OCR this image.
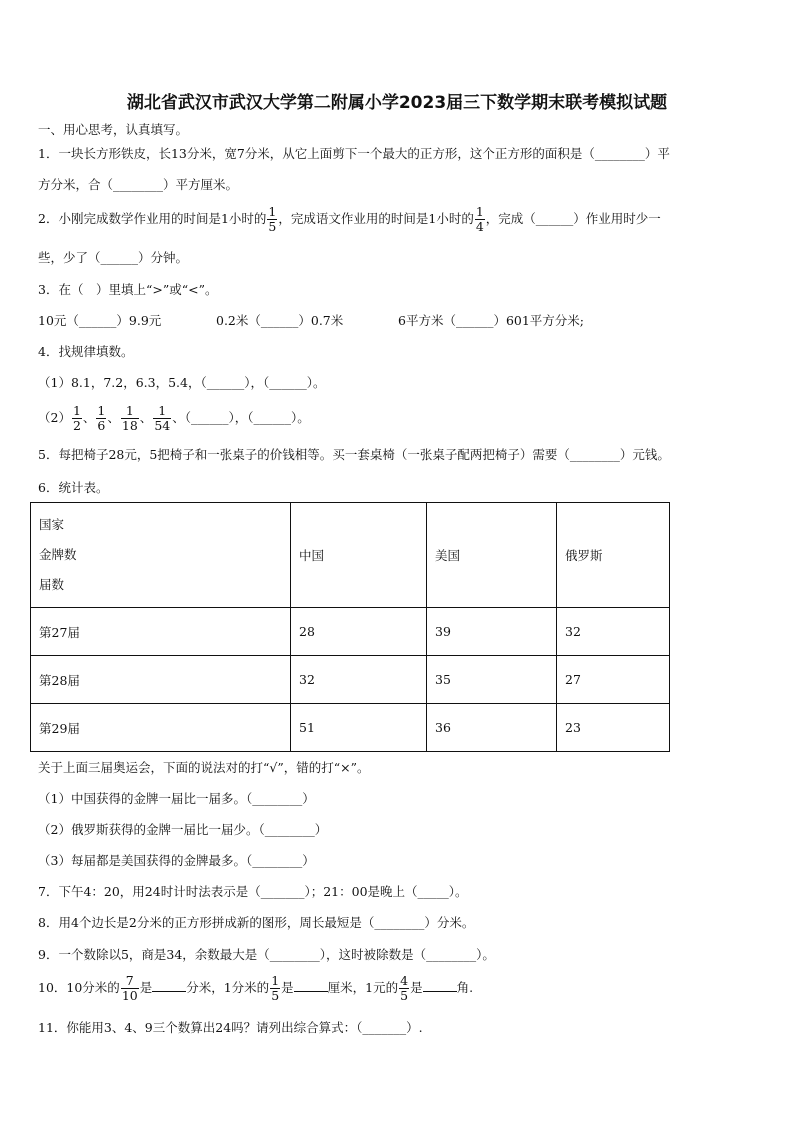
湖北省武汉市武汉大学第二附属小学2023届三下数学期末联考模拟试题
一、用心思考，认真填写。
1．一块长方形铁皮，长13分米，宽7分米，从它上面剪下一个最大的正方形，这个正方形的面积是（________）平
方分米，合（________）平方厘米。
2．小刚完成数学作业用的时间是1小时的 $\frac{1}{5}$ ，完成语文作业用的时间是1小时的 $\frac{1}{4}$ ，完成（______）作业用时少一
些，少了（______）分钟。
3．在（　）里填上“>”或“<”。
10元（______）9.9元	0.2米（______）0.7米	6平方米（______）601平方分米;
4．找规律填数。
（1）8.1，7.2，6.3，5.4，（______），（______）。
$(2) \frac{1}{2}$ 、 $\frac{1}{6}$ 、 $\frac{1}{18}$ 、 $\frac{1}{54}$ 、（______），（______）。
5．每把椅子28元，5把椅子和一张桌子的价钱相等。买一套桌椅（一张桌子配两把椅子）需要（________）元钱。
6．统计表。
国家
金牌数
届数	中国	美国	俄罗斯
第27届	28	39	32
第28届	32	35	27
第29届	51	36	23
关于上面三届奥运会，下面的说法对的打“√”，错的打“×”。
（1）中国获得的金牌一届比一届多。（________）
（2）俄罗斯获得的金牌一届比一届少。（________）
（3）每届都是美国获得的金牌最多。（________）
7．下午4：20，用24时计时法表示是（_______）；21：00是晚上（_____）。
8．用4个边长是2分米的正方形拼成新的图形，周长最短是（________）分米。
9．一个数除以5，商是34，余数最大是（________），这时被除数是（________）。
10．10分米的 $\frac{7}{10}$ 是	分米，1分米的 $\frac{1}{5}$ 是	厘米，1元的 $\frac{4}{5}$ 是	角.
11．你能用3、4、9三个数算出24吗？请列出综合算式：（_______）.
